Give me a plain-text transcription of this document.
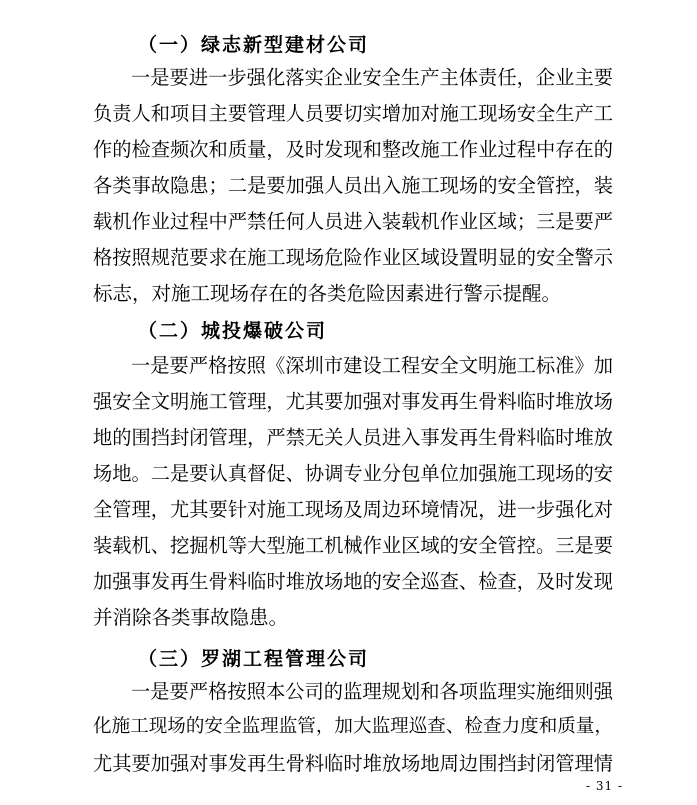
（一）绿志新型建材公司
一是要进一步强化落实企业安全生产主体责任，企业主要
负责人和项目主要管理人员要切实增加对施工现场安全生产工
作的检查频次和质量，及时发现和整改施工作业过程中存在的
各类事故隐患；二是要加强人员出入施工现场的安全管控，装
载机作业过程中严禁任何人员进入装载机作业区域；三是要严
格按照规范要求在施工现场危险作业区域设置明显的安全警示
标志，对施工现场存在的各类危险因素进行警示提醒。
（二）城投爆破公司
一是要严格按照《深圳市建设工程安全文明施工标准》加
强安全文明施工管理，尤其要加强对事发再生骨料临时堆放场
地的围挡封闭管理，严禁无关人员进入事发再生骨料临时堆放
场地。二是要认真督促、协调专业分包单位加强施工现场的安
全管理，尤其要针对施工现场及周边环境情况，进一步强化对
装载机、挖掘机等大型施工机械作业区域的安全管控。三是要
加强事发再生骨料临时堆放场地的安全巡查、检查，及时发现
并消除各类事故隐患。
（三）罗湖工程管理公司
一是要严格按照本公司的监理规划和各项监理实施细则强
化施工现场的安全监理监管，加大监理巡查、检查力度和质量，
尤其要加强对事发再生骨料临时堆放场地周边围挡封闭管理情
- 31 -
